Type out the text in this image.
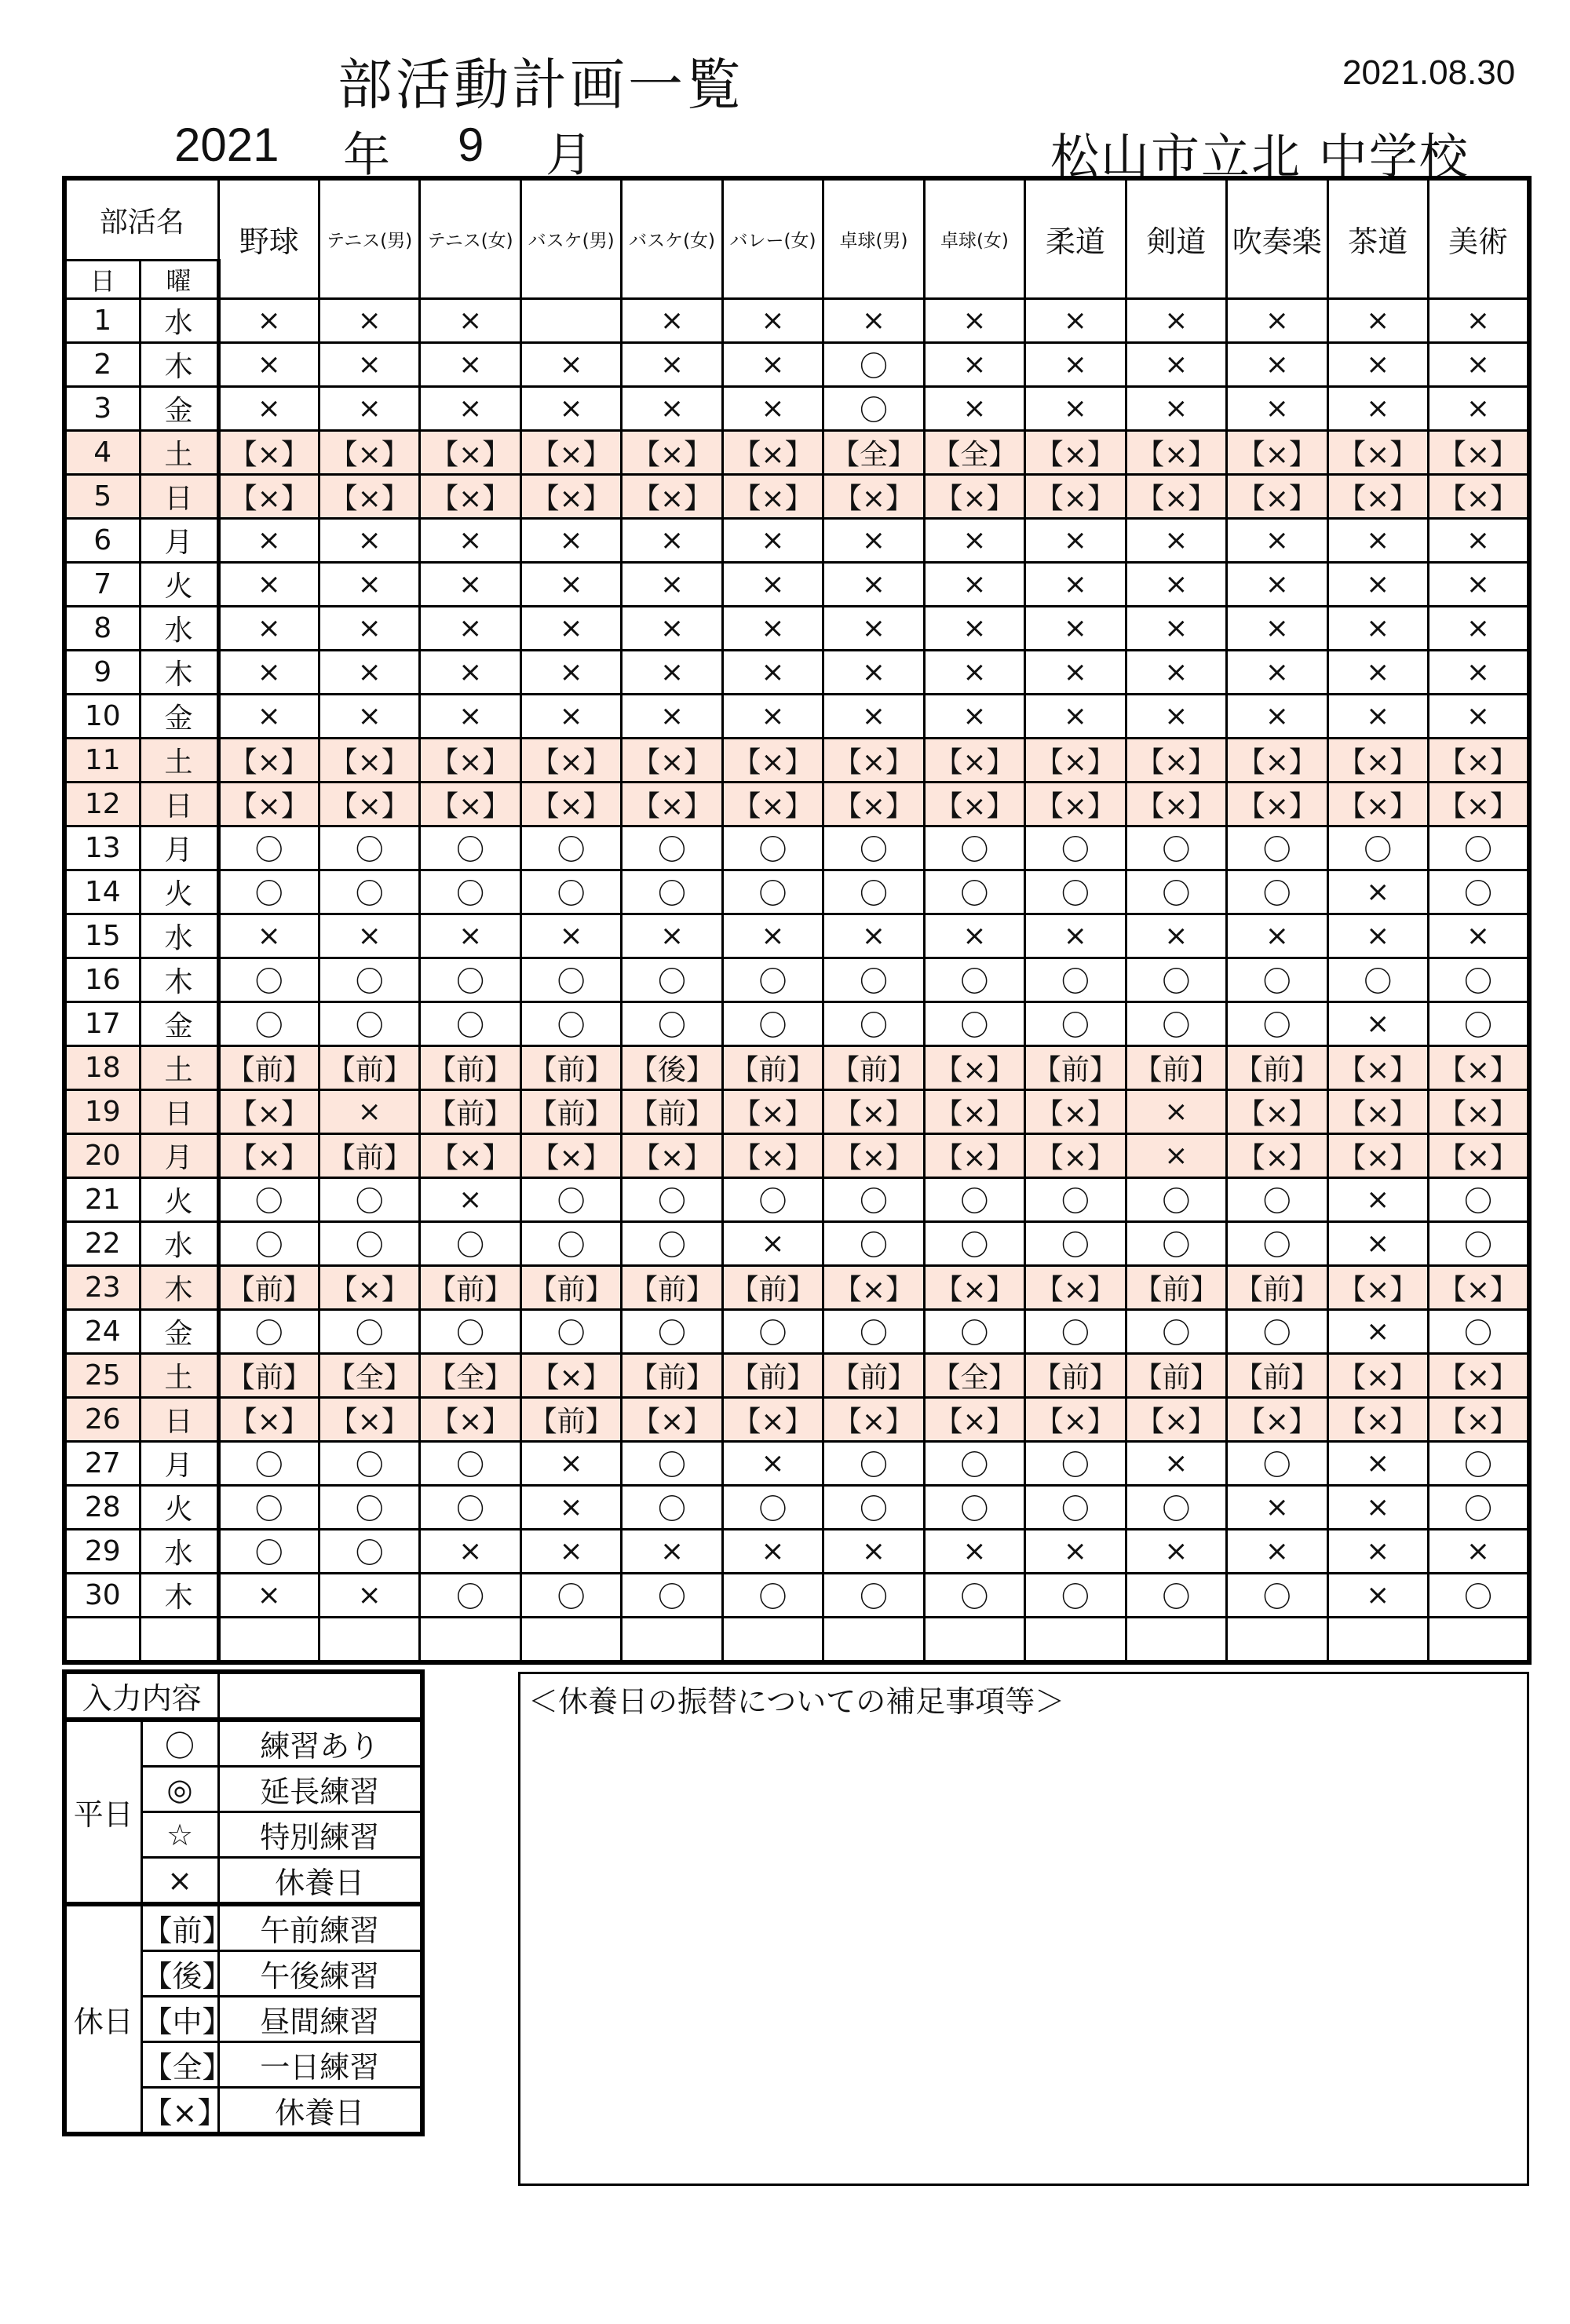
部活動計画一覧	2021.08.30
2021 年 9 月	松山市立北 中学校
部活名		野球	テニス(男)	テニス(女)	バスケ(男)	バスケ(女)	バレー(女)	卓球(男)	卓球(女)	柔道	剣道	吹奏楽	茶道	美術
日	曜													
1	水	×	×	×		×	×	×	×	×	×	×	×	×
2	木	×	×	×	×	×	×	〇	×	×	×	×	×	×
3	金	×	×	×	×	×	×	〇	×	×	×	×	×	×
4	土	【×】	【×】	【×】	【×】	【×】	【×】	【全】	【全】	【×】	【×】	【×】	【×】	【×】
5	日	【×】	【×】	【×】	【×】	【×】	【×】	【×】	【×】	【×】	【×】	【×】	【×】	【×】
6	月	×	×	×	×	×	×	×	×	×	×	×	×	×
7	火	×	×	×	×	×	×	×	×	×	×	×	×	×
8	水	×	×	×	×	×	×	×	×	×	×	×	×	×
9	木	×	×	×	×	×	×	×	×	×	×	×	×	×
10	金	×	×	×	×	×	×	×	×	×	×	×	×	×
11	土	【×】	【×】	【×】	【×】	【×】	【×】	【×】	【×】	【×】	【×】	【×】	【×】	【×】
12	日	【×】	【×】	【×】	【×】	【×】	【×】	【×】	【×】	【×】	【×】	【×】	【×】	【×】
13	月	〇	〇	〇	〇	〇	〇	〇	〇	〇	〇	〇	〇	〇
14	火	〇	〇	〇	〇	〇	〇	〇	〇	〇	〇	〇	×	〇
15	水	×	×	×	×	×	×	×	×	×	×	×	×	×
16	木	〇	〇	〇	〇	〇	〇	〇	〇	〇	〇	〇	〇	〇
17	金	〇	〇	〇	〇	〇	〇	〇	〇	〇	〇	〇	×	〇
18	土	【前】	【前】	【前】	【前】	【後】	【前】	【前】	【×】	【前】	【前】	【前】	【×】	【×】
19	日	【×】	×	【前】	【前】	【前】	【×】	【×】	【×】	【×】	×	【×】	【×】	【×】
20	月	【×】	【前】	【×】	【×】	【×】	【×】	【×】	【×】	【×】	×	【×】	【×】	【×】
21	火	〇	〇	×	〇	〇	〇	〇	〇	〇	〇	〇	×	〇
22	水	〇	〇	〇	〇	〇	×	〇	〇	〇	〇	〇	×	〇
23	木	【前】	【×】	【前】	【前】	【前】	【前】	【×】	【×】	【×】	【前】	【前】	【×】	【×】
24	金	〇	〇	〇	〇	〇	〇	〇	〇	〇	〇	〇	×	〇
25	土	【前】	【全】	【全】	【×】	【前】	【前】	【前】	【全】	【前】	【前】	【前】	【×】	【×】
26	日	【×】	【×】	【×】	【前】	【×】	【×】	【×】	【×】	【×】	【×】	【×】	【×】	【×】
27	月	〇	〇	〇	×	〇	×	〇	〇	〇	×	〇	×	〇
28	火	〇	〇	〇	×	〇	〇	〇	〇	〇	〇	×	×	〇
29	水	〇	〇	×	×	×	×	×	×	×	×	×	×	×
30	木	×	×	〇	〇	〇	〇	〇	〇	〇	〇	〇	×	〇

入力内容		
平日	〇	練習あり
	◎	延長練習
	☆	特別練習
	×	休養日
休日	【前】	午前練習
	【後】	午後練習
	【中】	昼間練習
	【全】	一日練習
	【×】	休養日
＜休養日の振替についての補足事項等＞
